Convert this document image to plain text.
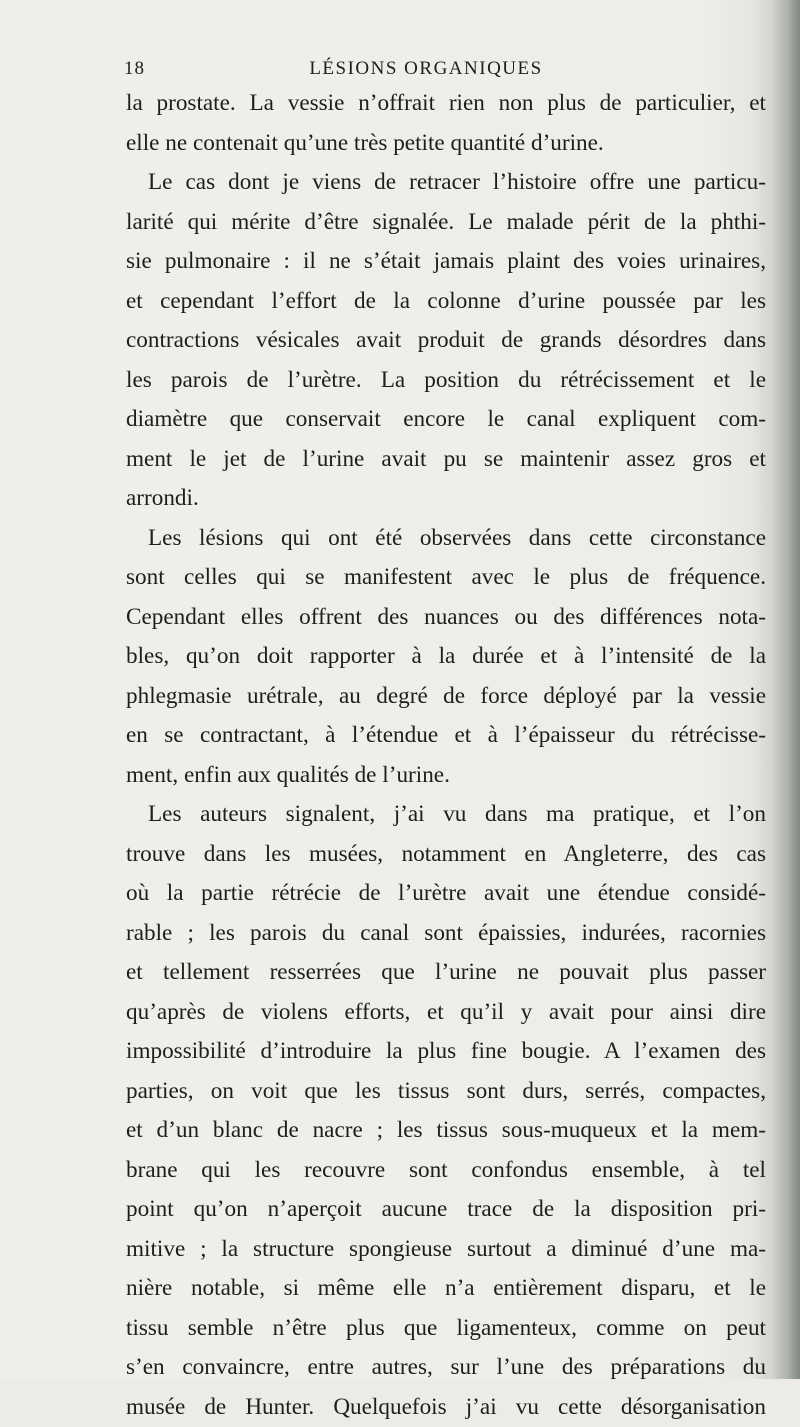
18	LÉSIONS ORGANIQUES
la prostate. La vessie n’offrait rien non plus de particulier, et
elle ne contenait qu’une très petite quantité d’urine.
Le cas dont je viens de retracer l’histoire offre une particu-
larité qui mérite d’être signalée. Le malade périt de la phthi-
sie pulmonaire : il ne s’était jamais plaint des voies urinaires,
et cependant l’effort de la colonne d’urine poussée par les
contractions vésicales avait produit de grands désordres dans
les parois de l’urètre. La position du rétrécissement et le
diamètre que conservait encore le canal expliquent com-
ment le jet de l’urine avait pu se maintenir assez gros et
arrondi.
Les lésions qui ont été observées dans cette circonstance
sont celles qui se manifestent avec le plus de fréquence.
Cependant elles offrent des nuances ou des différences nota-
bles, qu’on doit rapporter à la durée et à l’intensité de la
phlegmasie urétrale, au degré de force déployé par la vessie
en se contractant, à l’étendue et à l’épaisseur du rétrécisse-
ment, enfin aux qualités de l’urine.
Les auteurs signalent, j’ai vu dans ma pratique, et l’on
trouve dans les musées, notamment en Angleterre, des cas
où la partie rétrécie de l’urètre avait une étendue considé-
rable ; les parois du canal sont épaissies, indurées, racornies
et tellement resserrées que l’urine ne pouvait plus passer
qu’après de violens efforts, et qu’il y avait pour ainsi dire
impossibilité d’introduire la plus fine bougie. A l’examen des
parties, on voit que les tissus sont durs, serrés, compactes,
et d’un blanc de nacre ; les tissus sous-muqueux et la mem-
brane qui les recouvre sont confondus ensemble, à tel
point qu’on n’aperçoit aucune trace de la disposition pri-
mitive ; la structure spongieuse surtout a diminué d’une ma-
nière notable, si même elle n’a entièrement disparu, et le
tissu semble n’être plus que ligamenteux, comme on peut
s’en convaincre, entre autres, sur l’une des préparations du
musée de Hunter. Quelquefois j’ai vu cette désorganisation
